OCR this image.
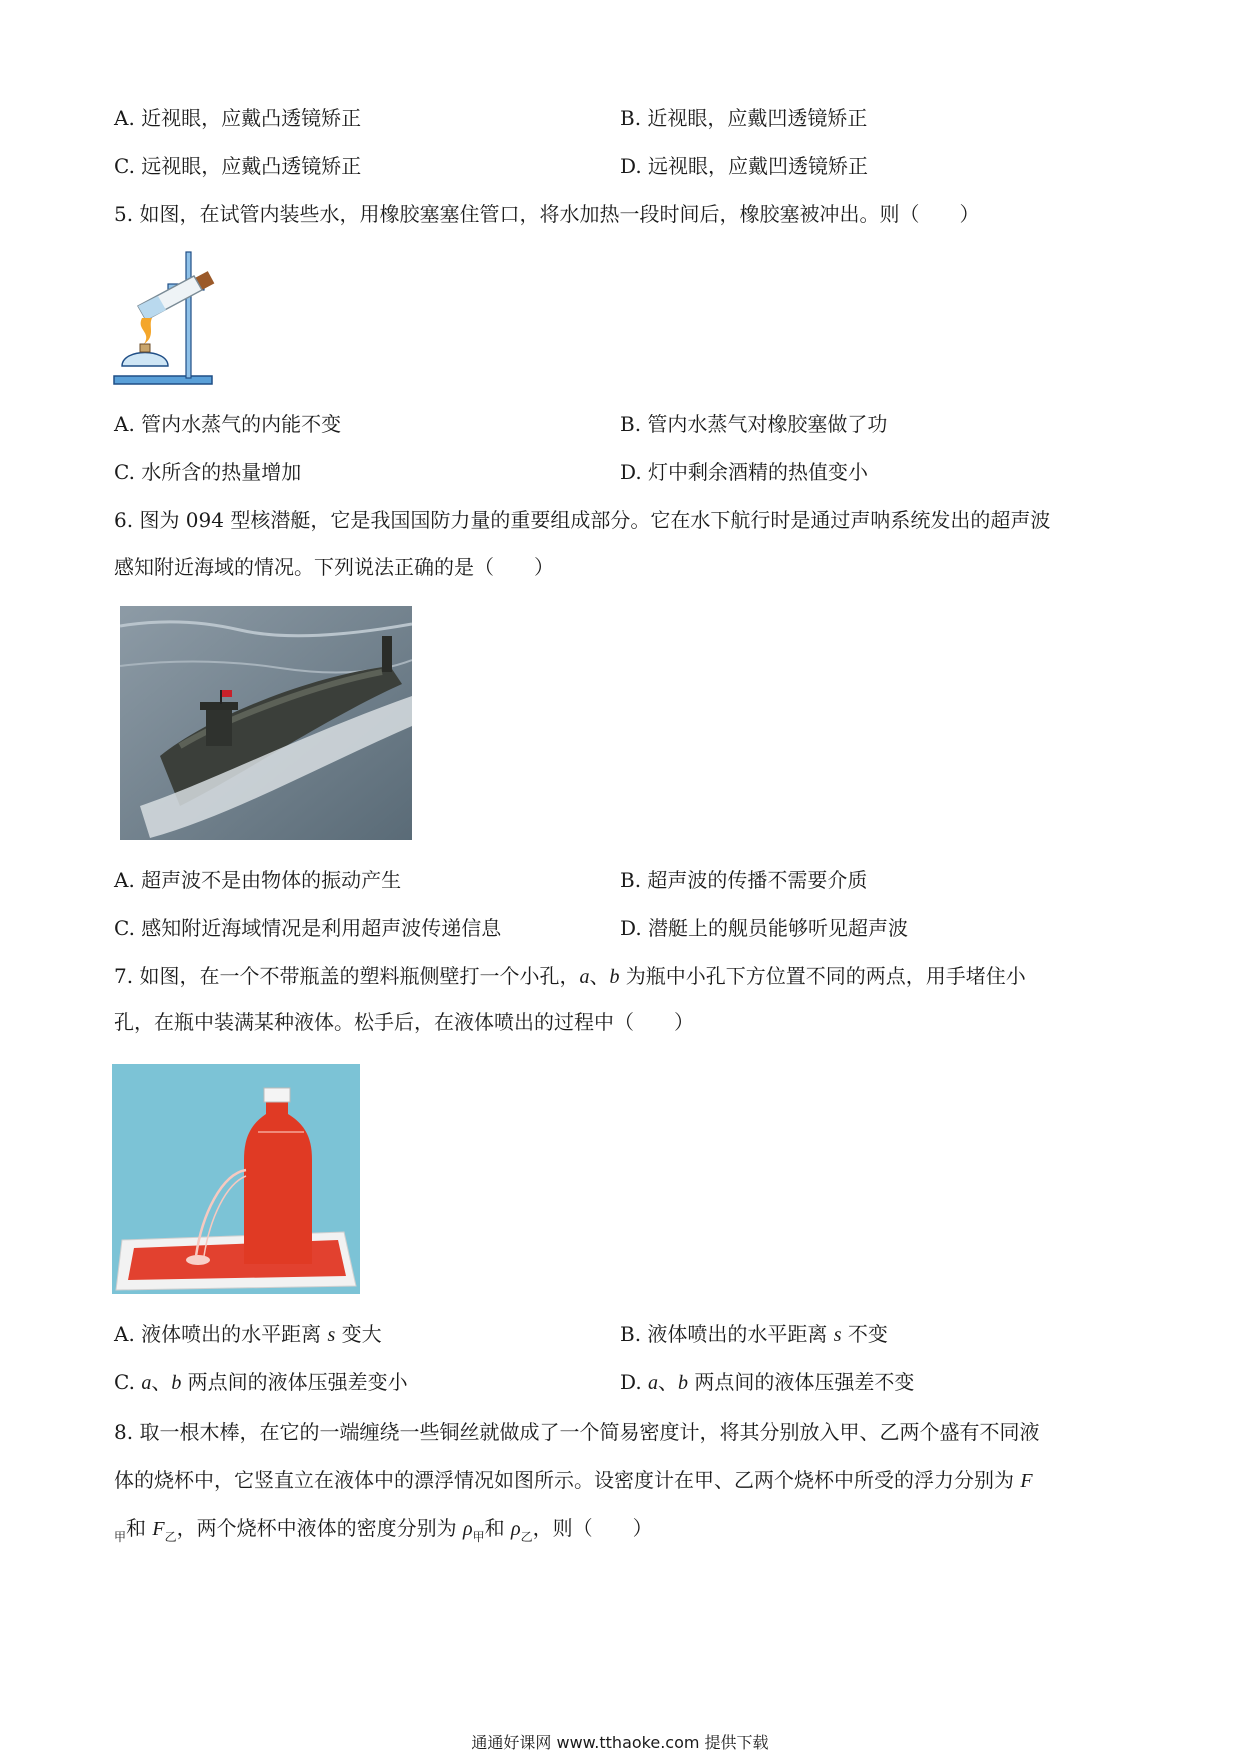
A. 近视眼，应戴凸透镜矫正	B. 近视眼，应戴凹透镜矫正
C. 远视眼，应戴凸透镜矫正	D. 远视眼，应戴凹透镜矫正
5. 如图，在试管内装些水，用橡胶塞塞住管口，将水加热一段时间后，橡胶塞被冲出。则（　　）
A. 管内水蒸气的内能不变	B. 管内水蒸气对橡胶塞做了功
C. 水所含的热量增加	D. 灯中剩余酒精的热值变小
6. 图为 094 型核潜艇，它是我国国防力量的重要组成部分。它在水下航行时是通过声呐系统发出的超声波
感知附近海域的情况。下列说法正确的是（　　）
A. 超声波不是由物体的振动产生	B. 超声波的传播不需要介质
C. 感知附近海域情况是利用超声波传递信息	D. 潜艇上的舰员能够听见超声波
7. 如图，在一个不带瓶盖的塑料瓶侧壁打一个小孔，a、b 为瓶中小孔下方位置不同的两点，用手堵住小
孔，在瓶中装满某种液体。松手后，在液体喷出的过程中（　　）
A. 液体喷出的水平距离 s 变大	B. 液体喷出的水平距离 s 不变
C. a、b 两点间的液体压强差变小	D. a、b 两点间的液体压强差不变
8. 取一根木棒，在它的一端缠绕一些铜丝就做成了一个简易密度计，将其分别放入甲、乙两个盛有不同液
体的烧杯中，它竖直立在液体中的漂浮情况如图所示。设密度计在甲、乙两个烧杯中所受的浮力分别为 F
$_甲$和 $F_乙$，两个烧杯中液体的密度分别为 $\rho_甲$和 $\rho_乙$，则（　　）
通通好课网 www.tthaoke.com 提供下载
